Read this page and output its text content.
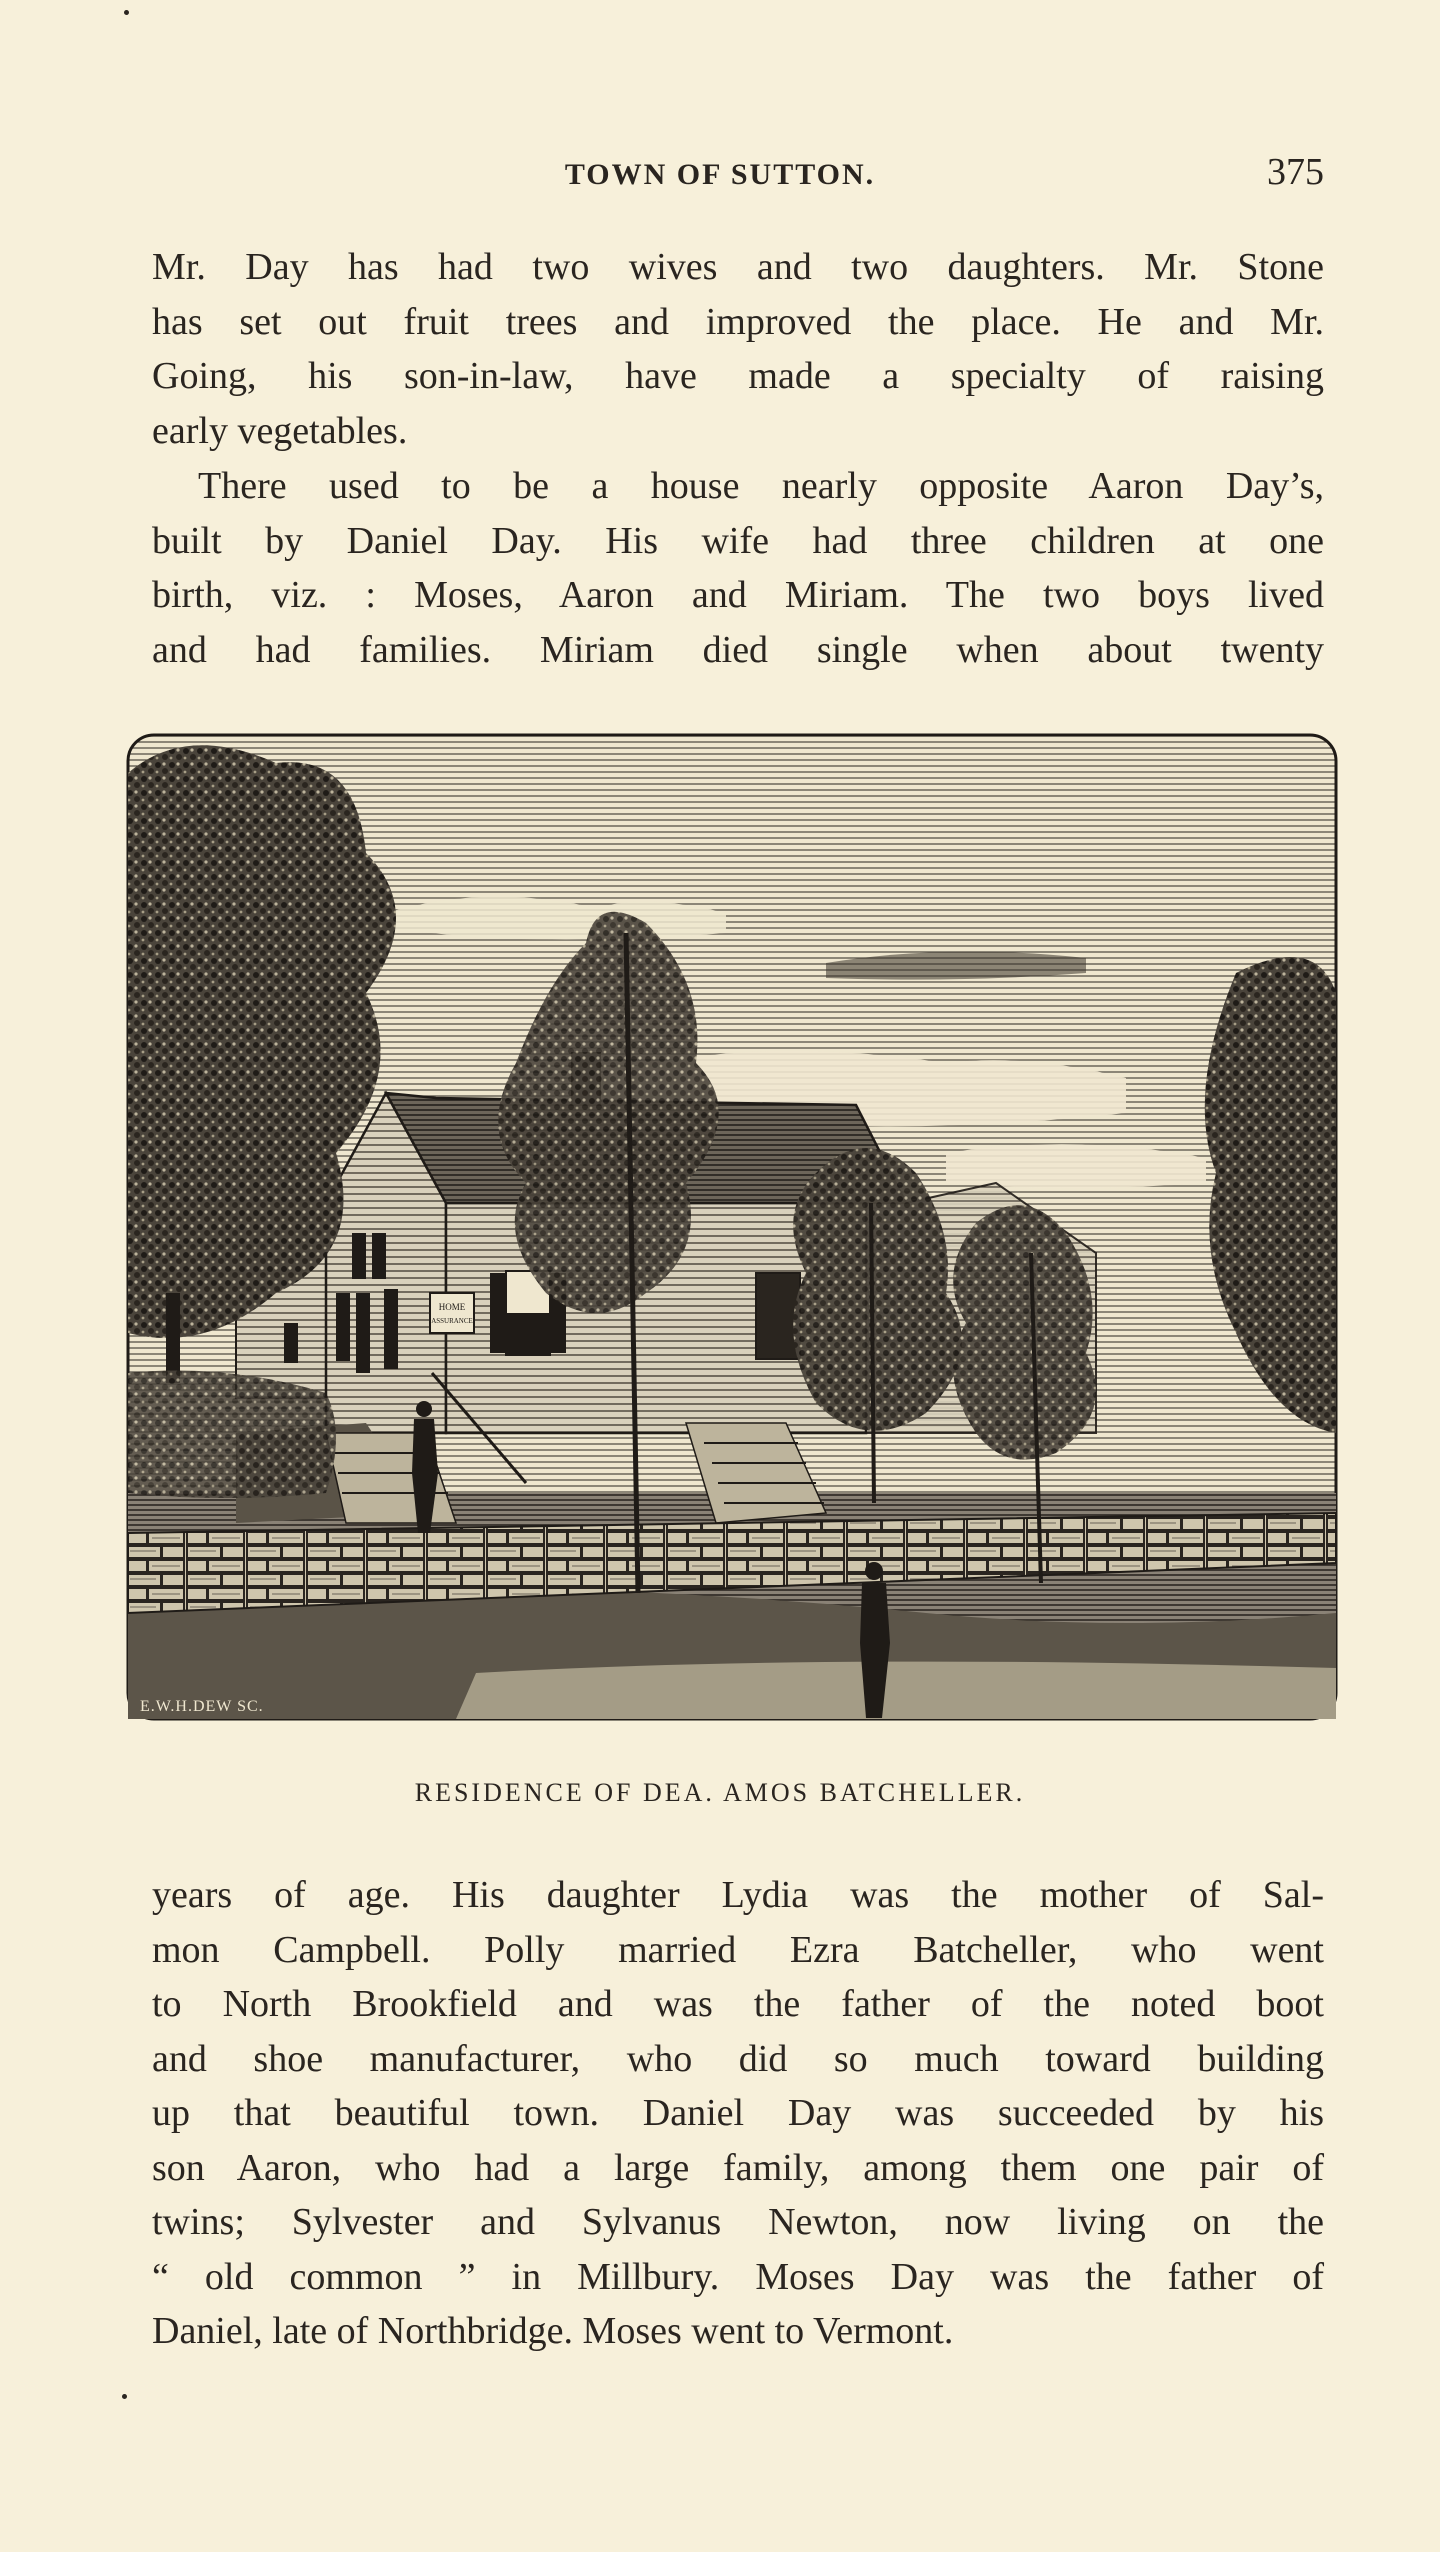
TOWN OF SUTTON.	375
Mr. Day has had two wives and two daughters. Mr. Stone
has set out fruit trees and improved the place. He and Mr.
Going, his son-in-law, have made a specialty of raising
early vegetables.
There used to be a house nearly opposite Aaron Day’s,
built by Daniel Day. His wife had three children at one
birth, viz. : Moses, Aaron and Miriam. The two boys lived
and had families. Miriam died single when about twenty
HOME
ASSURANCE
E.W.H.DEW SC.
RESIDENCE OF DEA. AMOS BATCHELLER.
years of age. His daughter Lydia was the mother of Sal-
mon Campbell. Polly married Ezra Batcheller, who went
to North Brookfield and was the father of the noted boot
and shoe manufacturer, who did so much toward building
up that beautiful town. Daniel Day was succeeded by his
son Aaron, who had a large family, among them one pair of
twins; Sylvester and Sylvanus Newton, now living on the
“ old common ” in Millbury. Moses Day was the father of
Daniel, late of Northbridge. Moses went to Vermont.
